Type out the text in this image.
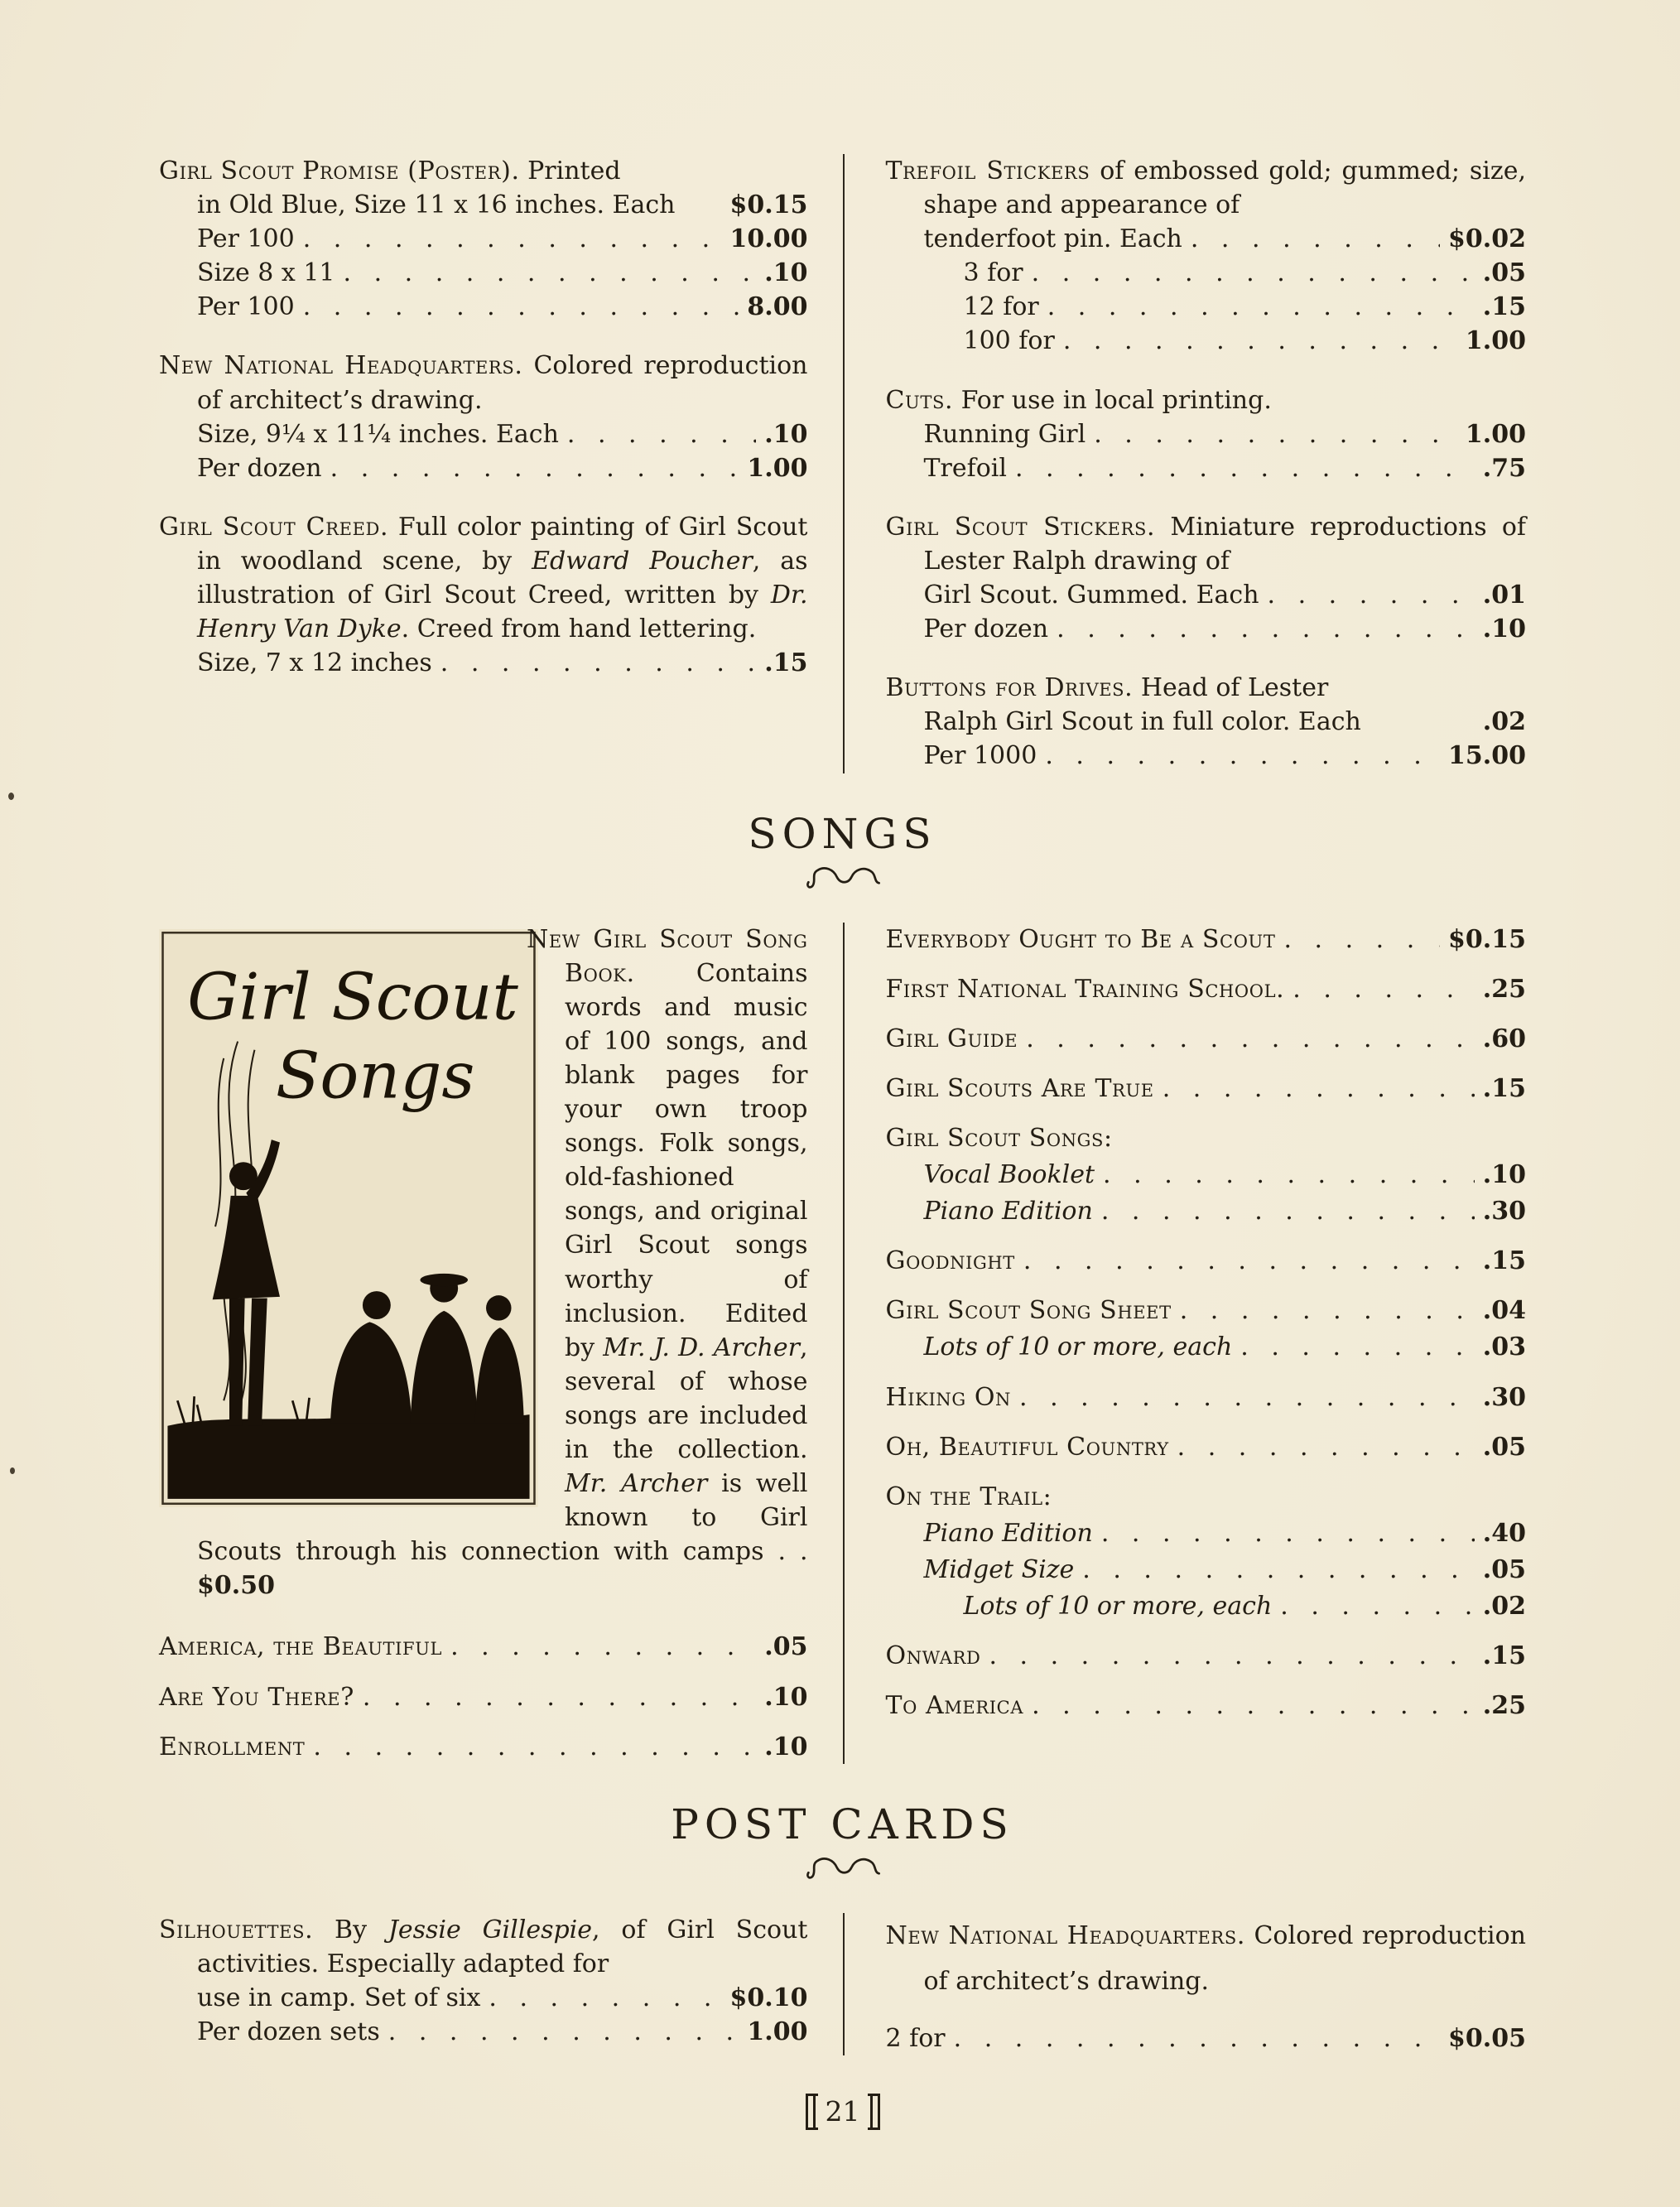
Girl Scout Promise (Poster). Printed

in Old Blue, Size 11 x 16 inches. Each $0.15
Per 100 . . .	10.00
Size 8 x 11 . . .	.10
Per 100 . . .	8.00

New National Headquarters. Colored reproduction of architect’s drawing.

Size, 9¼ x 11¼ inches. Each . . .	.10
Per dozen . . .	1.00

Girl Scout Creed. Full color painting of Girl Scout in woodland scene, by Edward Poucher, as illustration of Girl Scout Creed, written by Dr. Henry Van Dyke. Creed from hand lettering.

Size, 7 x 12 inches . . .	.15

Trefoil Stickers of embossed gold; gummed; size, shape and appearance of

tenderfoot pin. Each . . .	$0.02
3 for . . .	.05
12 for . . .	.15
100 for . . .	1.00

Cuts. For use in local printing.

Running Girl . . .	1.00
Trefoil . . .	.75

Girl Scout Stickers. Miniature reproductions of Lester Ralph drawing of

Girl Scout. Gummed. Each . . .	.01
Per dozen . . .	.10

Buttons for Drives. Head of Lester

Ralph Girl Scout in full color. Each	.02
Per 1000 . . .	15.00
SONGS
Girl Scout
Songs

New Girl Scout Song Book. Contains words and music of 100 songs, and blank pages for your own troop songs. Folk songs, old-fashioned songs, and original Girl Scout songs worthy of inclusion. Edited by Mr. J. D. Archer, several of whose songs are included in the collection. Mr. Archer is well known to Girl Scouts through his connection with camps . . $0.50

America, the Beautiful . . .	.05
Are You There? . . .	.10
Enrollment . . .	.10
Everybody Ought to Be a Scout . . .	$0.15
First National Training School. . . .	.25
Girl Guide . . .	.60
Girl Scouts Are True . . .	.15
Girl Scout Songs:
Vocal Booklet . . .	.10
Piano Edition . . .	.30
Goodnight . . .	.15
Girl Scout Song Sheet . . .	.04
Lots of 10 or more, each . . .	.03
Hiking On . . .	.30
Oh, Beautiful Country . . .	.05
On the Trail:
Piano Edition . . .	.40
Midget Size . . .	.05
Lots of 10 or more, each . . .	.02
Onward . . .	.15
To America . . .	.25
POST CARDS

Silhouettes. By Jessie Gillespie, of Girl Scout activities. Especially adapted for

use in camp. Set of six . . .	$0.10
Per dozen sets . . .	1.00

New National Headquarters. Colored reproduction of architect’s drawing.

2 for . . .	$0.05
21
